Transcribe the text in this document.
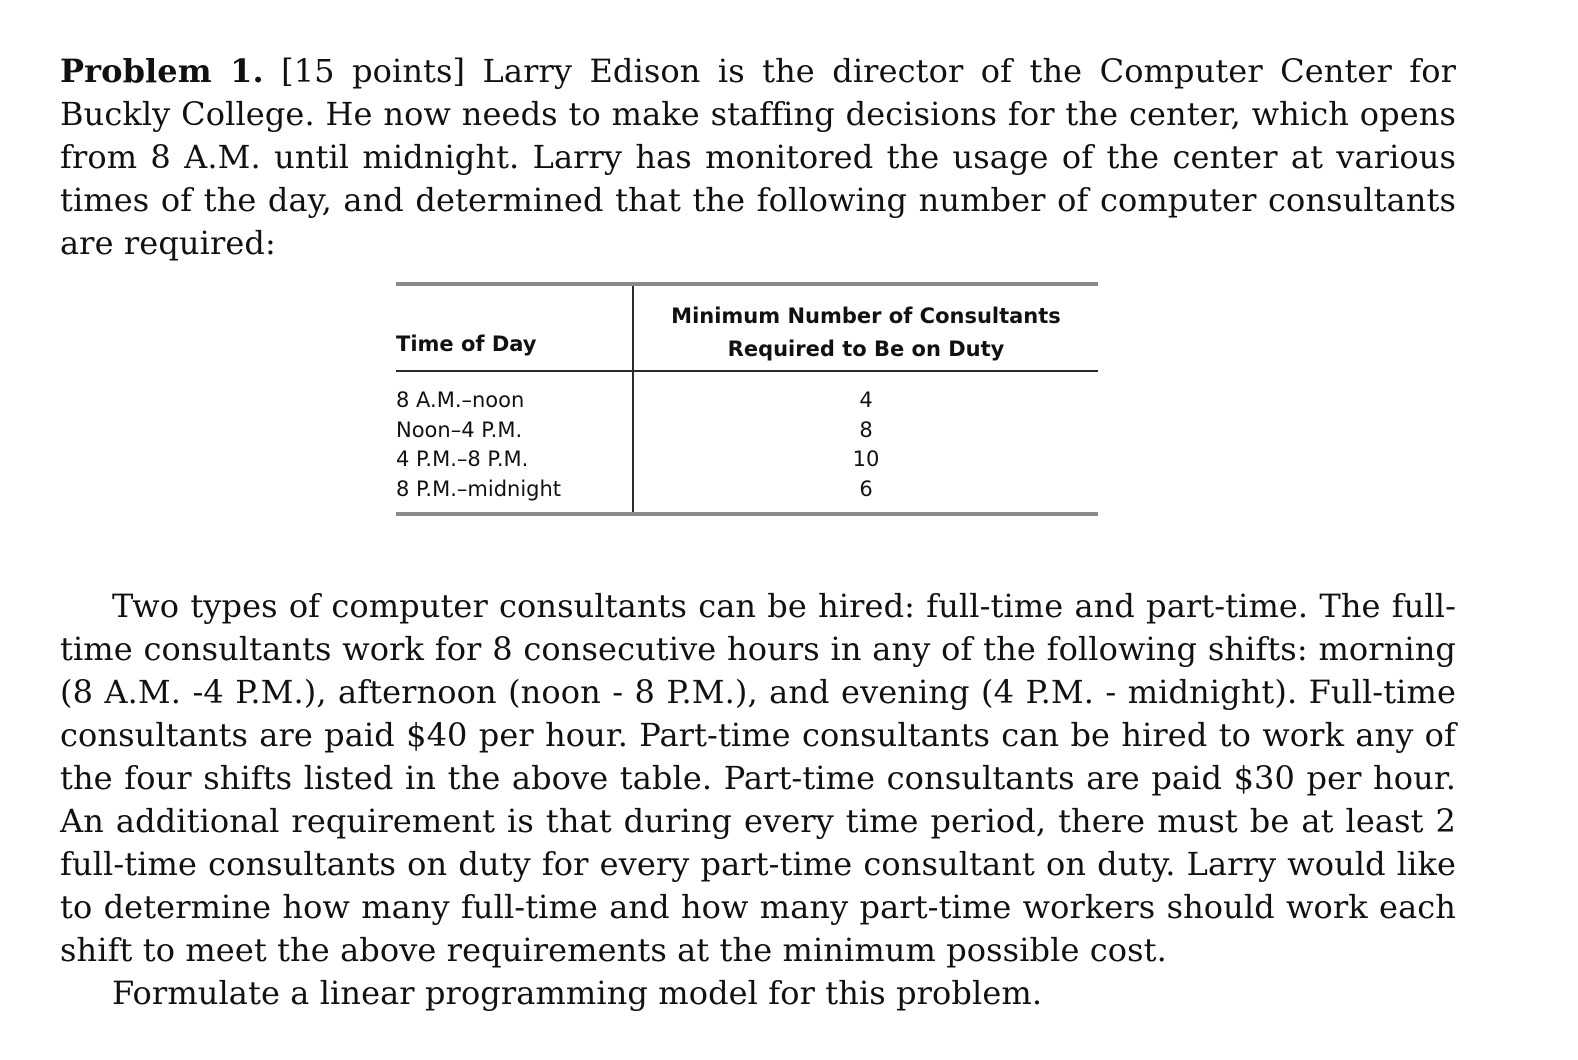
Problem 1. [15 points] Larry Edison is the director of the Computer Center for Buckly College. He now needs to make staffing decisions for the center, which opens from 8 A.M. until midnight. Larry has monitored the usage of the center at various times of the day, and determined that the following number of computer consultants are required:

Time of Day
Minimum Number of Consultants
Required to Be on Duty
8 A.M.–noon	4
Noon–4 P.M.	8
4 P.M.–8 P.M.	10
8 P.M.–midnight	6

Two types of computer consultants can be hired: full-time and part-time. The full-time consultants work for 8 consecutive hours in any of the following shifts: morning (8 A.M. -4 P.M.), afternoon (noon - 8 P.M.), and evening (4 P.M. - midnight). Full-time consultants are paid $40 per hour. Part-time consultants can be hired to work any of the four shifts listed in the above table. Part-time consultants are paid $30 per hour. An additional requirement is that during every time period, there must be at least 2 full-time consultants on duty for every part-time consultant on duty. Larry would like to determine how many full-time and how many part-time workers should work each shift to meet the above requirements at the minimum possible cost.

Formulate a linear programming model for this problem.
